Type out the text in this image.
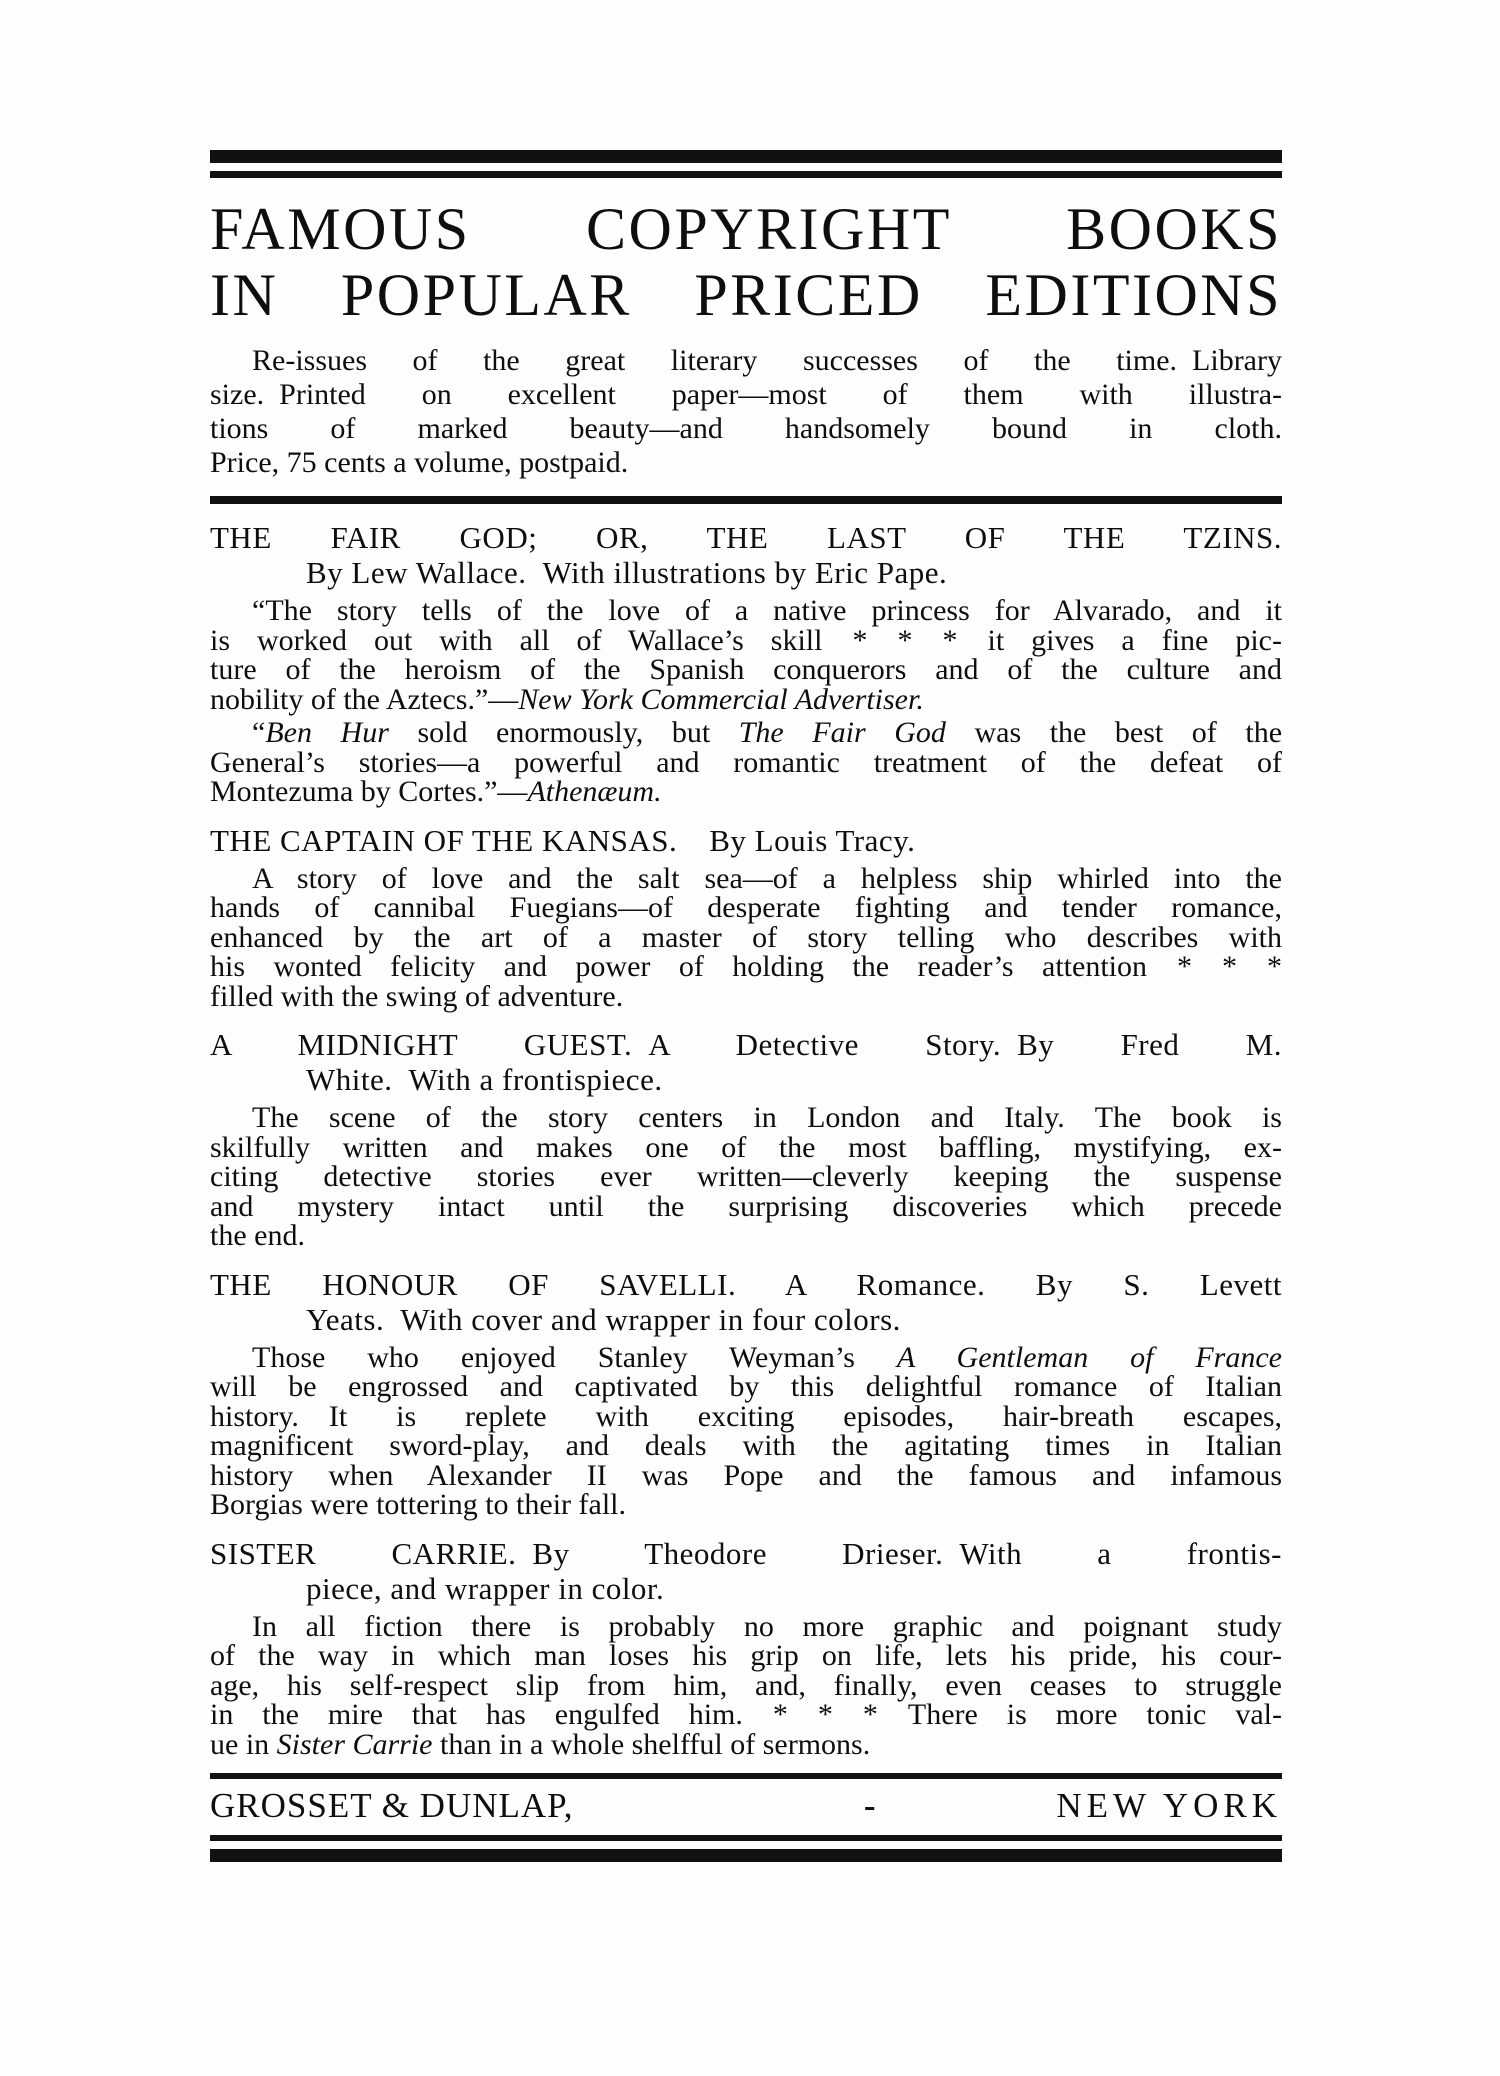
FAMOUS COPYRIGHT BOOKS
IN POPULAR PRICED EDITIONS
Re-issues of the great literary successes of the time. Library
size. Printed on excellent paper—most of them with illustra-
tions of marked beauty—and handsomely bound in cloth.
Price, 75 cents a volume, postpaid.
THE FAIR GOD; OR, THE LAST OF THE TZINS.
By Lew Wallace. With illustrations by Eric Pape.
“The story tells of the love of a native princess for Alvarado, and it
is worked out with all of Wallace’s skill  *  *  *  it gives a fine pic-
ture of the heroism of the Spanish conquerors and of the culture and
nobility of the Aztecs.”—New York Commercial Advertiser.
“Ben Hur sold enormously, but The Fair God was the best of the
General’s stories—a powerful and romantic treatment of the defeat of
Montezuma by Cortes.”—Athenæum.
THE CAPTAIN OF THE KANSAS.  By Louis Tracy.
A story of love and the salt sea—of a helpless ship whirled into the
hands of cannibal Fuegians—of desperate fighting and tender romance,
enhanced by the art of a master of story telling who describes with
his wonted felicity and power of holding the reader’s attention  *  *  *
filled with the swing of adventure.
A MIDNIGHT GUEST. A Detective Story. By Fred M.
White. With a frontispiece.
The scene of the story centers in London and Italy.  The book is
skilfully written and makes one of the most baffling, mystifying, ex-
citing detective stories ever written—cleverly keeping the suspense
and mystery intact until the surprising discoveries which precede
the end.
THE HONOUR OF SAVELLI. A Romance. By S. Levett
Yeats. With cover and wrapper in four colors.
Those who enjoyed Stanley Weyman’s A Gentleman of France
will be engrossed and captivated by this delightful romance of Italian
history.  It is replete with exciting episodes, hair-breath escapes,
magnificent sword-play, and deals with the agitating times in Italian
history when Alexander II was Pope and the famous and infamous
Borgias were tottering to their fall.
SISTER CARRIE. By Theodore Drieser. With a frontis-
piece, and wrapper in color.
In all fiction there is probably no more graphic and poignant study
of the way in which man loses his grip on life, lets his pride, his cour-
age, his self-respect slip from him, and, finally, even ceases to struggle
in the mire that has engulfed him.  *  *  *  There is more tonic val-
ue in Sister Carrie than in a whole shelfful of sermons.
GROSSET & DUNLAP,	-	NEW YORK
